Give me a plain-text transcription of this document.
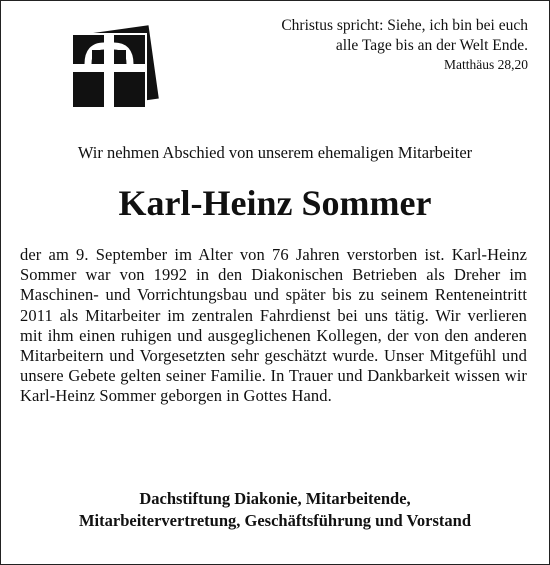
Christus spricht: Siehe, ich bin bei euch
alle Tage bis an der Welt Ende.
Matthäus 28,20
Wir nehmen Abschied von unserem ehemaligen Mitarbeiter
Karl-Heinz Sommer
der am 9. September im Alter von 76 Jahren verstorben ist. Karl-Heinz Sommer war von 1992 in den Diakonischen Betrieben als Dreher im Maschinen- und Vorrichtungsbau und später bis zu seinem Renteneintritt 2011 als Mitarbeiter im zentralen Fahrdienst bei uns tätig. Wir verlieren mit ihm einen ruhigen und ausgeglichenen Kollegen, der von den anderen Mitarbeitern und Vorgesetzten sehr geschätzt wurde. Unser Mitgefühl und unsere Gebete gelten seiner Familie. In Trauer und Dankbarkeit wissen wir Karl-Heinz Sommer geborgen in Gottes Hand.
Dachstiftung Diakonie, Mitarbeitende,
Mitarbeitervertretung, Geschäftsführung und Vorstand
